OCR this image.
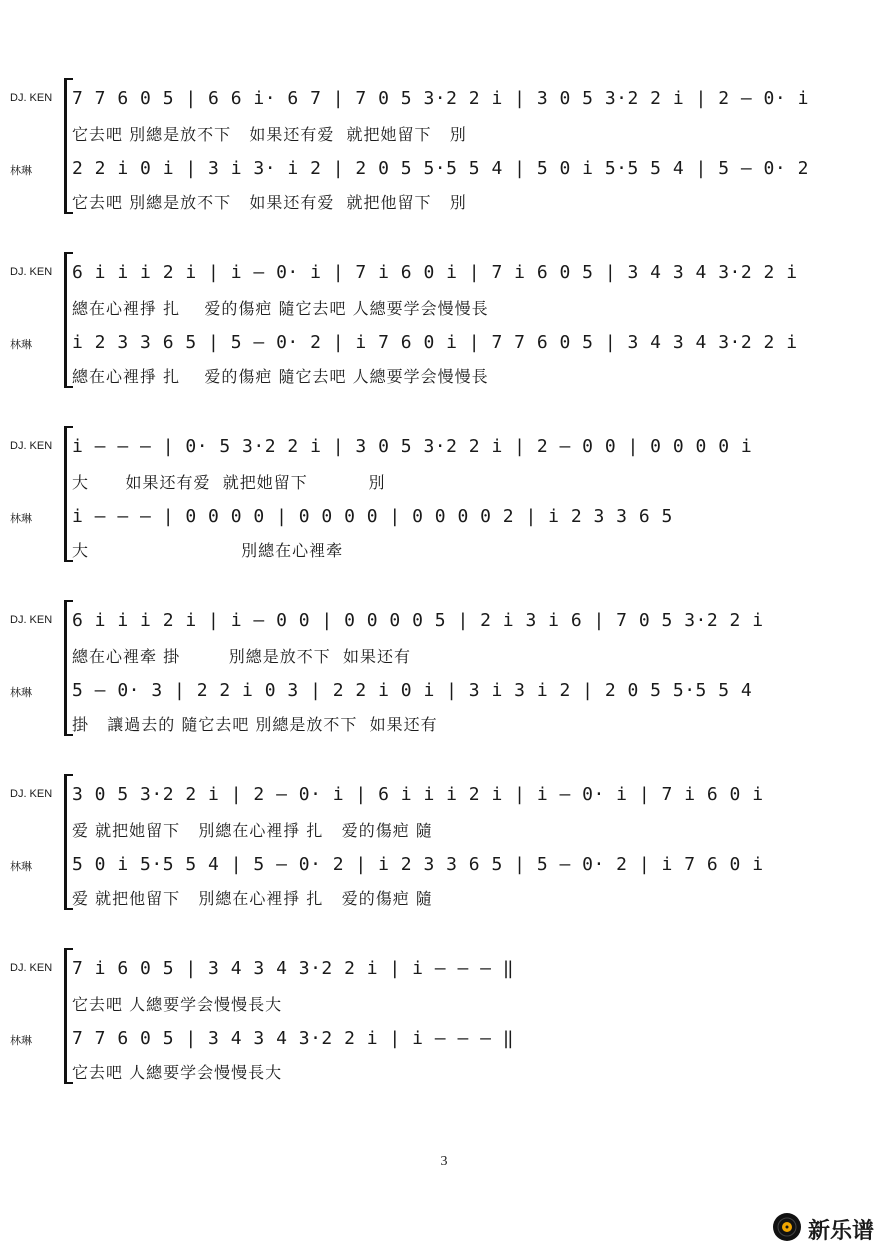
DJ. KEN 7 7 6 0 5 | 6 6 i· 6 7 | 7 0 5 3·2 2 i | 3 0 5 3·2 2 i | 2 — 0· i
它去吧 別總是放不下   如果还有爱  就把她留下   別
林琳 2 2 i 0 i | 3 i 3· i 2 | 2 0 5 5·5 5 4 | 5 0 i 5·5 5 4 | 5 — 0· 2
它去吧 別總是放不下   如果还有爱  就把他留下   別
DJ. KEN 6 i i i 2 i | i — 0· i | 7 i 6 0 i | 7 i 6 0 5 | 3 4 3 4 3·2 2 i
總在心裡掙 扎    爱的傷疤 隨它去吧 人總要学会慢慢長
林琳 i 2 3 3 6 5 | 5 — 0· 2 | i 7 6 0 i | 7 7 6 0 5 | 3 4 3 4 3·2 2 i
總在心裡掙 扎    爱的傷疤 隨它去吧 人總要学会慢慢長
DJ. KEN i — — — | 0· 5 3·2 2 i | 3 0 5 3·2 2 i | 2 — 0 0 | 0 0 0 0 i
大      如果还有爱  就把她留下          別
林琳 i — — — | 0 0 0 0 | 0 0 0 0 | 0 0 0 0 2 | i 2 3 3 6 5
大                         別總在心裡牽
DJ. KEN 6 i i i 2 i | i — 0 0 | 0 0 0 0 5 | 2 i 3 i 6 | 7 0 5 3·2 2 i
總在心裡牽 掛        別總是放不下  如果还有
林琳 5 — 0· 3 | 2 2 i 0 3 | 2 2 i 0 i | 3 i 3 i 2 | 2 0 5 5·5 5 4
掛   讓過去的 隨它去吧 別總是放不下  如果还有
DJ. KEN 3 0 5 3·2 2 i | 2 — 0· i | 6 i i i 2 i | i — 0· i | 7 i 6 0 i
爱 就把她留下   別總在心裡掙 扎   爱的傷疤 隨
林琳 5 0 i 5·5 5 4 | 5 — 0· 2 | i 2 3 3 6 5 | 5 — 0· 2 | i 7 6 0 i
爱 就把他留下   別總在心裡掙 扎   爱的傷疤 隨
DJ. KEN 7 i 6 0 5 | 3 4 3 4 3·2 2 i | i — — — ‖
它去吧 人總要学会慢慢長大
林琳 7 7 6 0 5 | 3 4 3 4 3·2 2 i | i — — — ‖
它去吧 人總要学会慢慢長大
3
新乐谱
